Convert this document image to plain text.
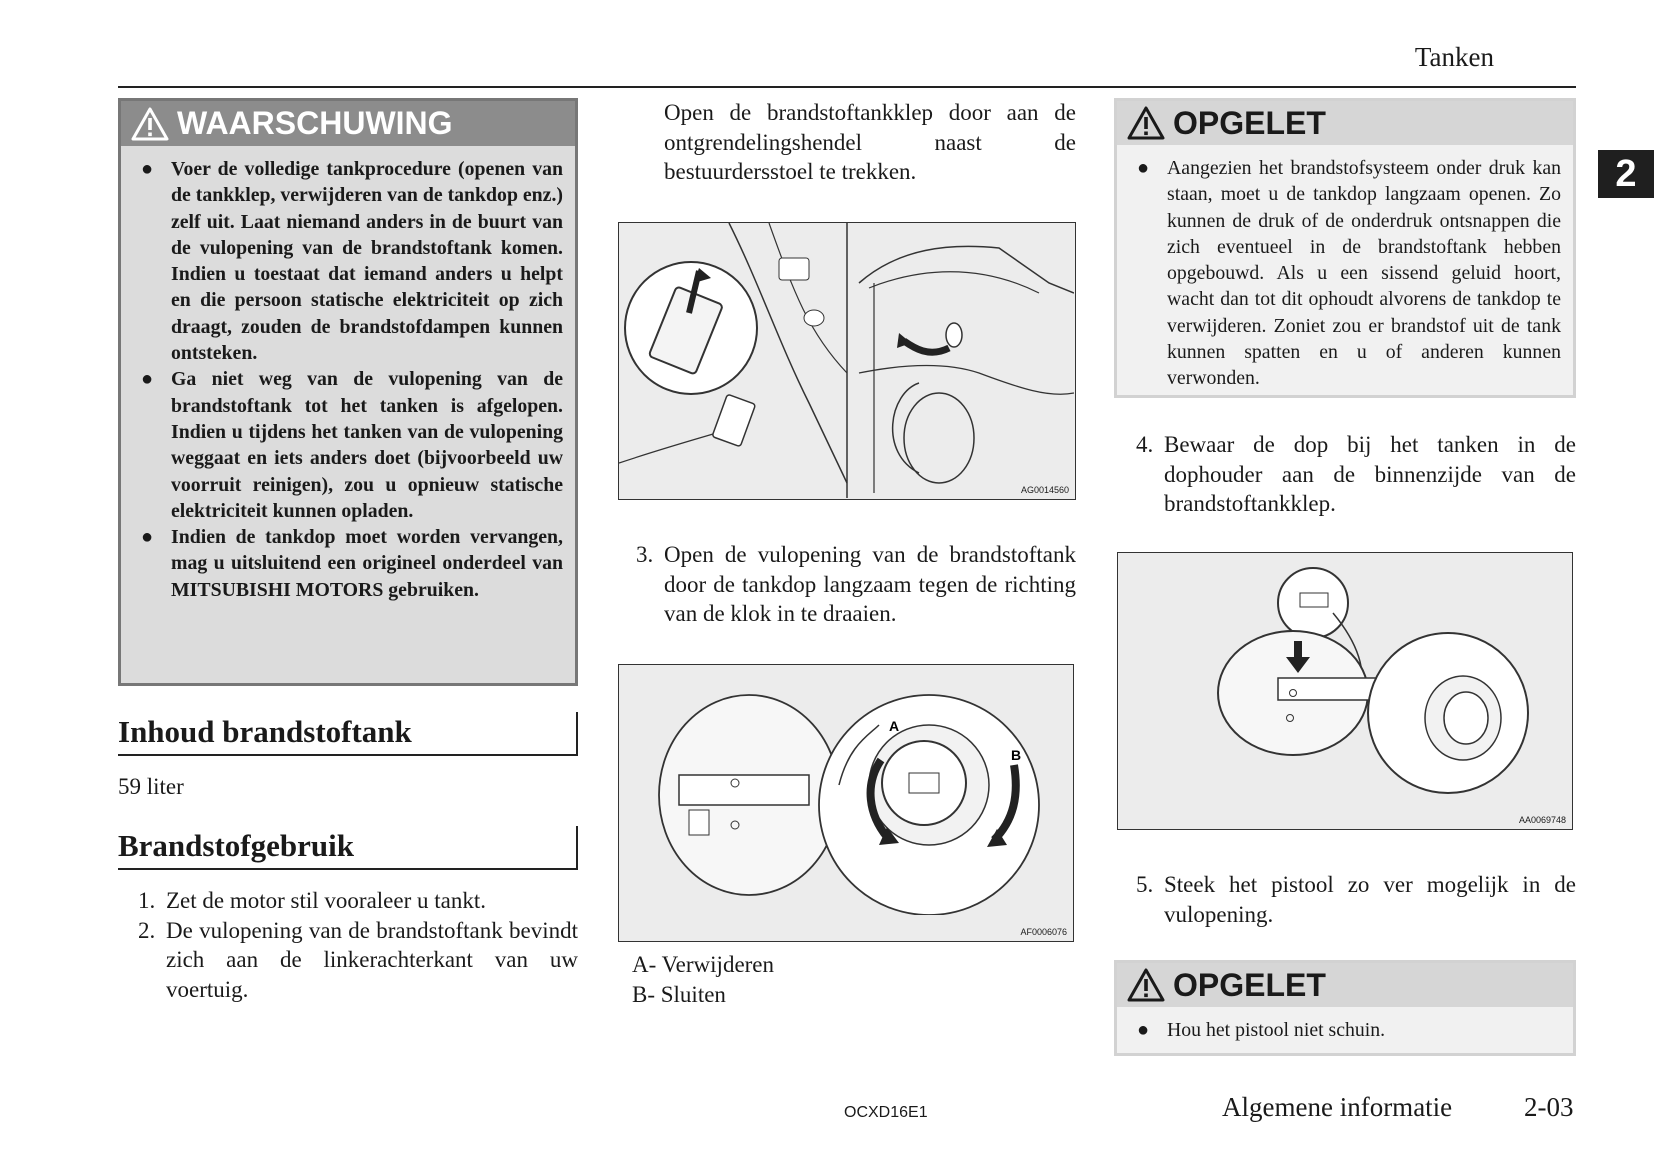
Tanken
2
WAARSCHUWING
● Voer de volledige tankprocedure (openen van de tankklep, verwijderen van de tankdop enz.) zelf uit. Laat niemand anders in de buurt van de vulopening van de brandstoftank komen. Indien u toestaat dat iemand anders u helpt en die persoon statische elektriciteit op zich draagt, zouden de brandstofdampen kunnen ontsteken.
● Ga niet weg van de vulopening van de brandstoftank tot het tanken is afgelopen. Indien u tijdens het tanken van de vulopening weggaat en iets anders doet (bijvoorbeeld uw voorruit reinigen), zou u opnieuw statische elektriciteit kunnen opladen.
● Indien de tankdop moet worden vervangen, mag u uitsluitend een origineel onderdeel van MITSUBISHI MOTORS gebruiken.
Inhoud brandstoftank
59 liter
Brandstofgebruik
1. Zet de motor stil vooraleer u tankt.
2. De vulopening van de brandstoftank bevindt zich aan de linkerachterkant van uw voertuig.
Open de brandstoftankklep door aan de ontgrendelingshendel naast de bestuurdersstoel te trekken.
AG0014560
3. Open de vulopening van de brandstoftank door de tankdop langzaam tegen de richting van de klok in te draaien.
A
B
AF0006076
A- Verwijderen
B- Sluiten
OPGELET
● Aangezien het brandstofsysteem onder druk kan staan, moet u de tankdop langzaam openen. Zo kunnen de druk of de onderdruk ontsnappen die zich eventueel in de brandstoftank hebben opgebouwd. Als u een sissend geluid hoort, wacht dan tot dit ophoudt alvorens de tankdop te verwijderen. Zoniet zou er brandstof uit de tank kunnen spatten en u of anderen kunnen verwonden.
4. Bewaar de dop bij het tanken in de dophouder aan de binnenzijde van de brandstoftankklep.
AA0069748
5. Steek het pistool zo ver mogelijk in de vulopening.
OPGELET
● Hou het pistool niet schuin.
OCXD16E1	Algemene informatie	2-03
